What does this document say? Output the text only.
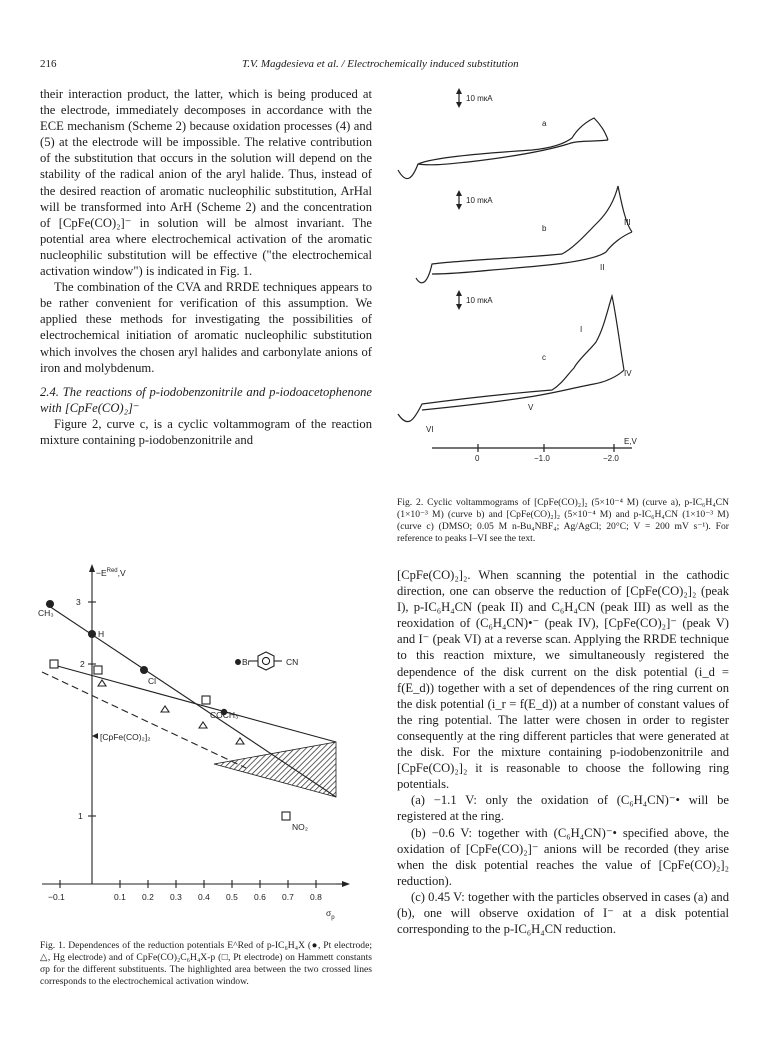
216	T.V. Magdesieva et al. / Electrochemically induced substitution

their interaction product, the latter, which is being produced at the electrode, immediately decomposes in accordance with the ECE mechanism (Scheme 2) because oxidation processes (4) and (5) at the electrode will be impossible. The relative contribution of the substitution that occurs in the solution will depend on the stability of the radical anion of the aryl halide. Thus, instead of the desired reaction of aromatic nucleophilic substitution, ArHal will be transformed into ArH (Scheme 2) and the concentration of [CpFe(CO)₂]⁻ in solution will be almost invariant. The potential area where electrochemical activation of the aromatic nucleophilic substitution will be effective ("the electrochemical activation window") is indicated in Fig. 1.

The combination of the CVA and RRDE techniques appears to be rather convenient for verification of this assumption. We applied these methods for investigating the possibilities of electrochemical initiation of aromatic nucleophilic substitution which involves the chosen aryl halides and carbonylate anions of iron and molybdenum.

2.4. The reactions of p-iodobenzonitrile and p-iodoacetophenone with [CpFe(CO)₂]⁻

Figure 2, curve c, is a cyclic voltammogram of the reaction mixture containing p-iodobenzonitrile and

10 mкA
10 mкA
10 mкA
a
b
c
I
II
III
IV
V
VI
E,V
0	−1.0	−2.0
Fig. 2. Cyclic voltammograms of [CpFe(CO)₂]₂ (5×10⁻⁴ M) (curve a), p-IC₆H₄CN (1×10⁻³ M) (curve b) and [CpFe(CO)₂]₂ (5×10⁻⁴ M) and p-IC₆H₄CN (1×10⁻³ M) (curve c) (DMSO; 0.05 M n-Bu₄NBF₄; Ag/AgCl; 20°C; V = 200 mV s⁻¹). For reference to peaks I–VI see the text.
$-E^{Red},V$
3
2
1
CH₃
H
Cl
Br	CN
COCH₃
NO₂
[CpFe(CO)₂]₂
−0.1	0.1 0.2 0.3 0.4 0.5 0.6 0.7 0.8
$\sigma_p$
Fig. 1. Dependences of the reduction potentials E^Red of p-IC₆H₄X (●, Pt electrode; △, Hg electrode) and of CpFe(CO)₂C₆H₄X-p (□, Pt electrode) on Hammett constants σp for the different substituents. The highlighted area between the two crossed lines corresponds to the electrochemical activation window.

[CpFe(CO)₂]₂. When scanning the potential in the cathodic direction, one can observe the reduction of [CpFe(CO)₂]₂ (peak I), p-IC₆H₄CN (peak II) and C₆H₄CN (peak III) as well as the reoxidation of (C₆H₄CN)•⁻ (peak IV), [CpFe(CO)₂]⁻ (peak V) and I⁻ (peak VI) at a reverse scan. Applying the RRDE technique to this reaction mixture, we simultaneously registered the dependence of the disk current on the disk potential (i_d = f(E_d)) together with a set of dependences of the ring current on the disk potential (i_r = f(E_d)) at a number of constant values of the ring potential. The latter were chosen in order to register consequently at the ring different particles that were generated at the disk. For the mixture containing p-iodobenzonitrile and [CpFe(CO)₂]₂ it is reasonable to choose the following ring potentials.

(a) −1.1 V: only the oxidation of (C₆H₄CN)⁻• will be registered at the ring.

(b) −0.6 V: together with (C₆H₄CN)⁻• specified above, the oxidation of [CpFe(CO)₂]⁻ anions will be recorded (they arise when the disk potential reaches the value of [CpFe(CO)₂]₂ reduction).

(c) 0.45 V: together with the particles observed in cases (a) and (b), one will observe oxidation of I⁻ at a disk potential corresponding to the p-IC₆H₄CN reduction.
